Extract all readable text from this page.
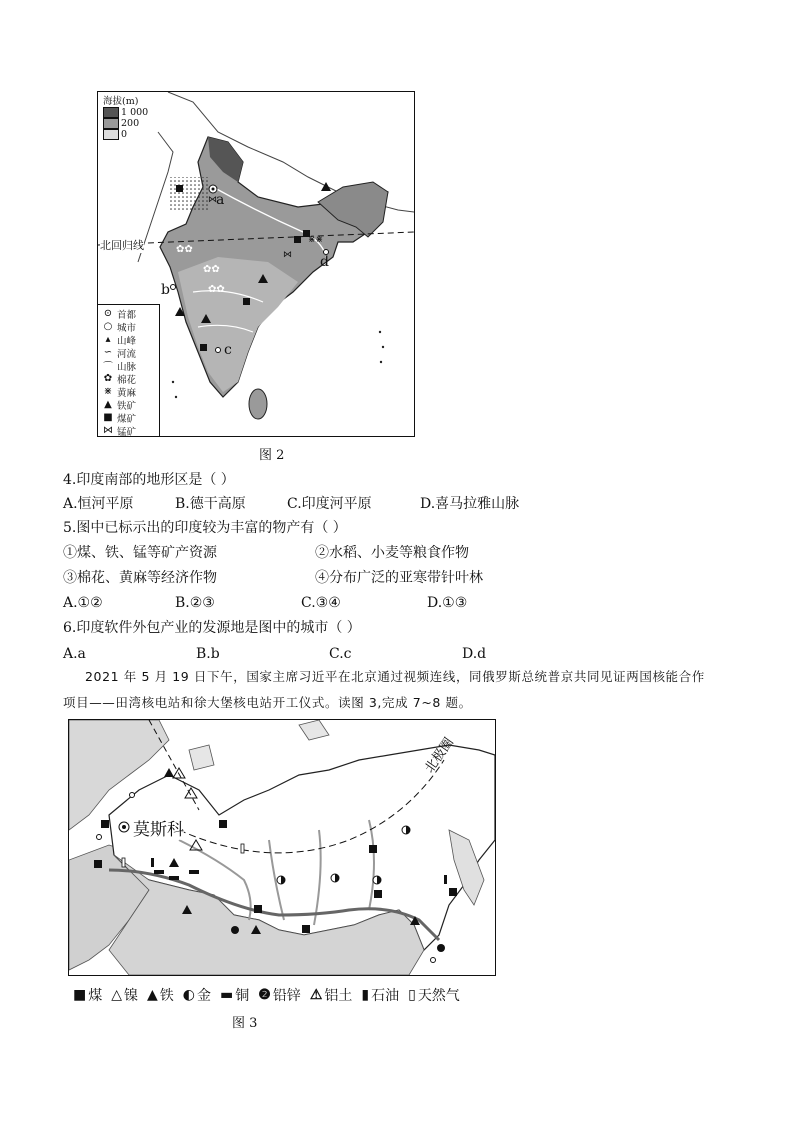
✿✿
✿✿
✿✿
⋇⋇
⋈
⋈
海拔(m)
1 000
200
0
北回归线
a
b
c
d
⊙ 首都
○ 城市
▴ 山峰
∽ 河流
⌒ 山脉
✿ 棉花
⋇ 黄麻
▲ 铁矿
■ 煤矿
⋈ 锰矿
图 2
4.印度南部的地形区是（ ）
A.恒河平原	B.德干高原	C.印度河平原	D.喜马拉雅山脉
5.图中已标示出的印度较为丰富的物产有（ ）
①煤、铁、锰等矿产资源	②水稻、小麦等粮食作物
③棉花、黄麻等经济作物	④分布广泛的亚寒带针叶林
A.①②	B.②③	C.③④	D.①③
6.印度软件外包产业的发源地是图中的城市（ ）
A.a	B.b	C.c	D.d
2021 年 5 月 19 日下午，国家主席习近平在北京通过视频连线，同俄罗斯总统普京共同见证两国核能合作
项目——田湾核电站和徐大堡核电站开工仪式。读图 3,完成 7~8 题。
莫斯科
北极圈
■ 煤 △ 镍 ▲ 铁 ◐ 金 ▬ 铜 ❷ 铅锌 ⚠ 铝土 ▮ 石油 ▯ 天然气
图 3
